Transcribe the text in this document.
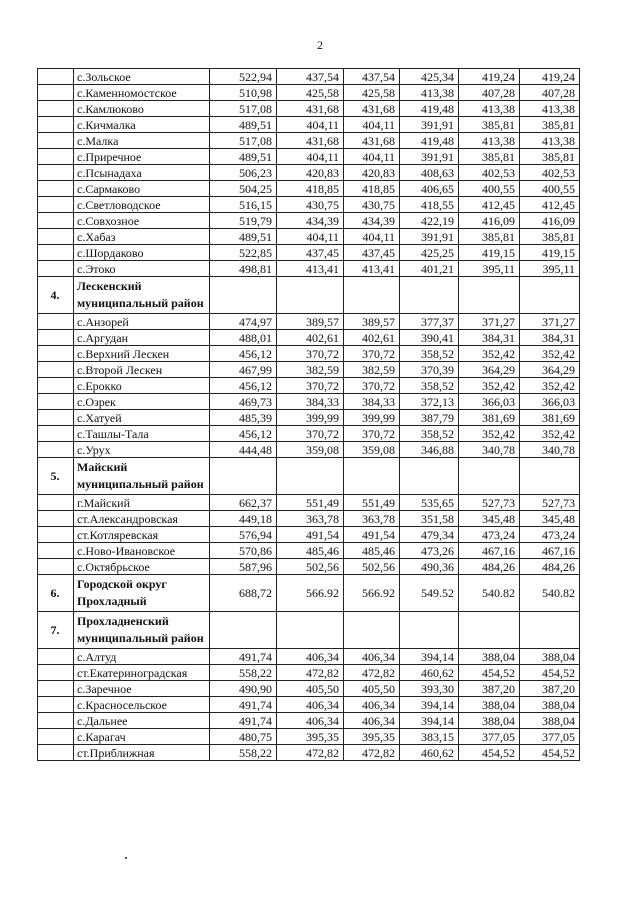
2
	с.Зольское	522,94	437,54	437,54	425,34	419,24	419,24
	с.Каменномостское	510,98	425,58	425,58	413,38	407,28	407,28
	с.Камлюково	517,08	431,68	431,68	419,48	413,38	413,38
	с.Кичмалка	489,51	404,11	404,11	391,91	385,81	385,81
	с.Малка	517,08	431,68	431,68	419,48	413,38	413,38
	с.Приречное	489,51	404,11	404,11	391,91	385,81	385,81
	с.Псынадаха	506,23	420,83	420,83	408,63	402,53	402,53
	с.Сармаково	504,25	418,85	418,85	406,65	400,55	400,55
	с.Светловодское	516,15	430,75	430,75	418,55	412,45	412,45
	с.Совхозное	519,79	434,39	434,39	422,19	416,09	416,09
	с.Хабаз	489,51	404,11	404,11	391,91	385,81	385,81
	с.Шордаково	522,85	437,45	437,45	425,25	419,15	419,15
	с.Этоко	498,81	413,41	413,41	401,21	395,11	395,11
4.	Лескенский муниципальный район						
	с.Анзорей	474,97	389,57	389,57	377,37	371,27	371,27
	с.Аргудан	488,01	402,61	402,61	390,41	384,31	384,31
	с.Верхний Лескен	456,12	370,72	370,72	358,52	352,42	352,42
	с.Второй Лескен	467,99	382,59	382,59	370,39	364,29	364,29
	с.Ерокко	456,12	370,72	370,72	358,52	352,42	352,42
	с.Озрек	469,73	384,33	384,33	372,13	366,03	366,03
	с.Хатуей	485,39	399,99	399,99	387,79	381,69	381,69
	с.Ташлы-Тала	456,12	370,72	370,72	358,52	352,42	352,42
	с.Урух	444,48	359,08	359,08	346,88	340,78	340,78
5.	Майский муниципальный район						
	г.Майский	662,37	551,49	551,49	535,65	527,73	527,73
	ст.Александровская	449,18	363,78	363,78	351,58	345,48	345,48
	ст.Котляревская	576,94	491,54	491,54	479,34	473,24	473,24
	с.Ново-Ивановское	570,86	485,46	485,46	473,26	467,16	467,16
	с.Октябрьское	587,96	502,56	502,56	490,36	484,26	484,26
6.	Городской округ Прохладный	688,72	566.92	566.92	549.52	540.82	540.82
7.	Прохладненский муниципальный район						
	с.Алтуд	491,74	406,34	406,34	394,14	388,04	388,04
	ст.Екатериноградская	558,22	472,82	472,82	460,62	454,52	454,52
	с.Заречное	490,90	405,50	405,50	393,30	387,20	387,20
	с.Красносельское	491,74	406,34	406,34	394,14	388,04	388,04
	с.Дальнее	491,74	406,34	406,34	394,14	388,04	388,04
	с.Карагач	480,75	395,35	395,35	383,15	377,05	377,05
	ст.Приближная	558,22	472,82	472,82	460,62	454,52	454,52
